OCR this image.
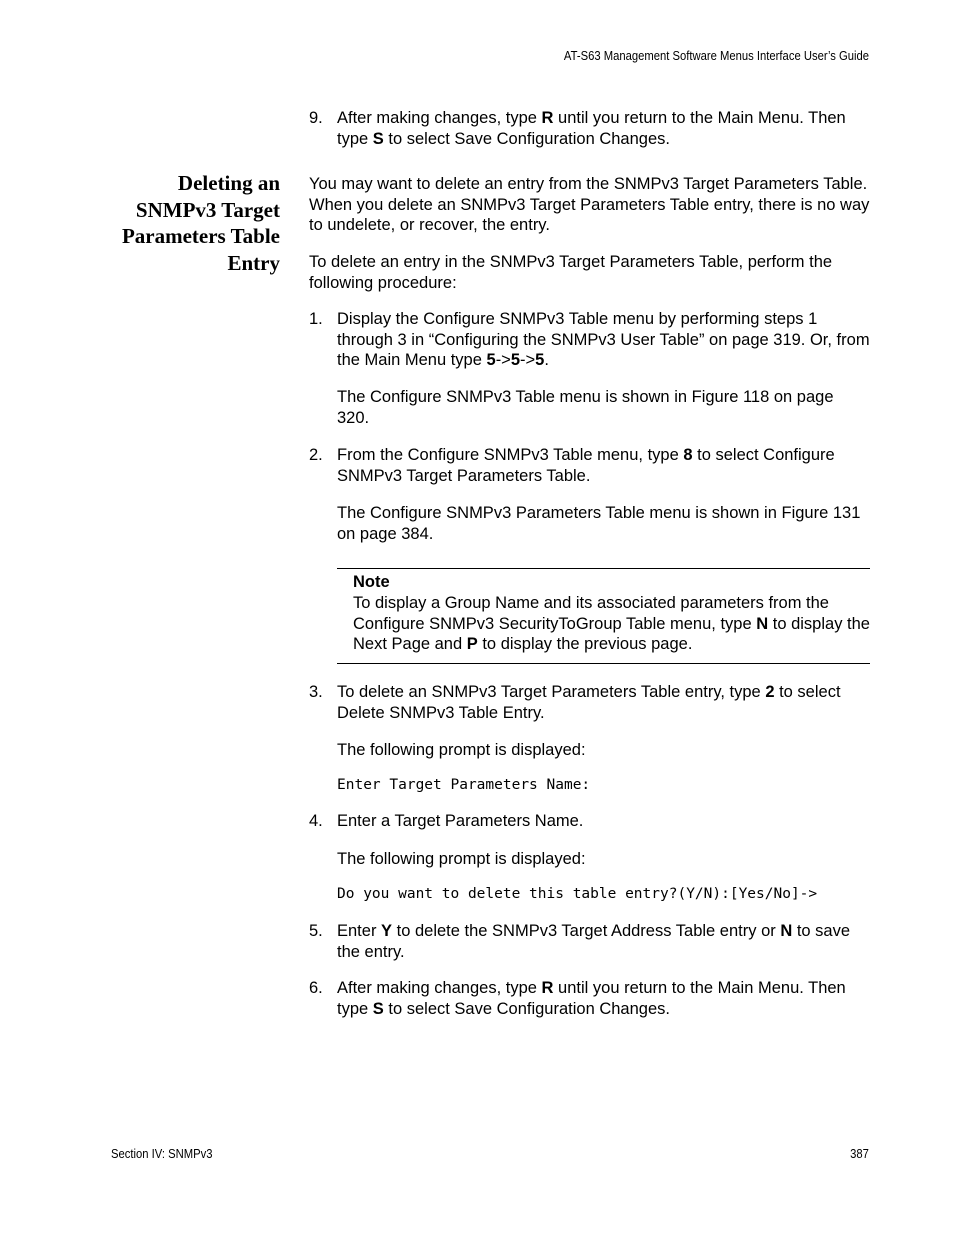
AT-S63 Management Software Menus Interface User’s Guide
9. After making changes, type R until you return to the Main Menu. Then type S to select Save Configuration Changes.
Deleting an
SNMPv3 Target
Parameters Table
Entry

You may want to delete an entry from the SNMPv3 Target Parameters Table. When you delete an SNMPv3 Target Parameters Table entry, there is no way to undelete, or recover, the entry.

To delete an entry in the SNMPv3 Target Parameters Table, perform the following procedure:

1. Display the Configure SNMPv3 Table menu by performing steps 1 through 3 in “Configuring the SNMPv3 User Table” on page 319. Or, from the Main Menu type 5->5->5.
The Configure SNMPv3 Table menu is shown in Figure 118 on page 320.
2. From the Configure SNMPv3 Table menu, type 8 to select Configure SNMPv3 Target Parameters Table.
The Configure SNMPv3 Parameters Table menu is shown in Figure 131 on page 384.
Note
To display a Group Name and its associated parameters from the Configure SNMPv3 SecurityToGroup Table menu, type N to display the Next Page and P to display the previous page.
3. To delete an SNMPv3 Target Parameters Table entry, type 2 to select Delete SNMPv3 Table Entry.
The following prompt is displayed:
Enter Target Parameters Name:
4. Enter a Target Parameters Name.
The following prompt is displayed:
Do you want to delete this table entry?(Y/N):[Yes/No]->
5. Enter Y to delete the SNMPv3 Target Address Table entry or N to save the entry.
6. After making changes, type R until you return to the Main Menu. Then type S to select Save Configuration Changes.
Section IV: SNMPv3	387
